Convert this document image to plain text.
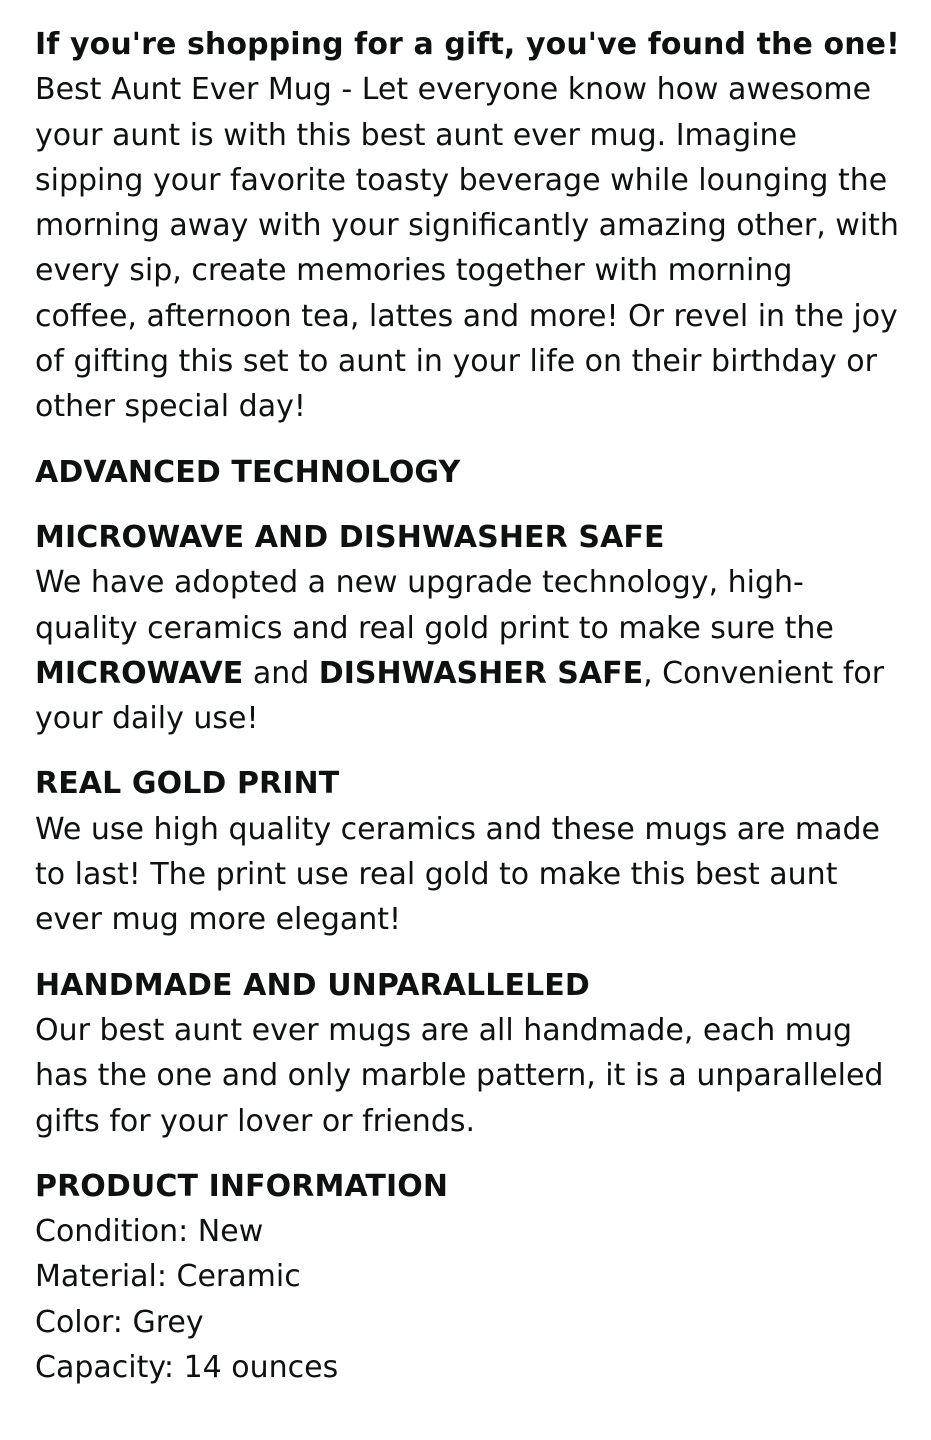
If you're shopping for a gift, you've found the one!
Best Aunt Ever Mug - Let everyone know how awesome your aunt is with this best aunt ever mug. Imagine sipping your favorite toasty beverage while lounging the morning away with your significantly amazing other, with every sip, create memories together with morning coffee, afternoon tea, lattes and more! Or revel in the joy of gifting this set to aunt in your life on their birthday or other special day!
ADVANCED TECHNOLOGY
MICROWAVE AND DISHWASHER SAFE
We have adopted a new upgrade technology, high-quality ceramics and real gold print to make sure the MICROWAVE and DISHWASHER SAFE, Convenient for your daily use!
REAL GOLD PRINT
We use high quality ceramics and these mugs are made to last! The print use real gold to make this best aunt ever mug more elegant!
HANDMADE AND UNPARALLELED
Our best aunt ever mugs are all handmade, each mug has the one and only marble pattern, it is a unparalleled gifts for your lover or friends.
PRODUCT INFORMATION
Condition: New
Material: Ceramic
Color: Grey
Capacity: 14 ounces
